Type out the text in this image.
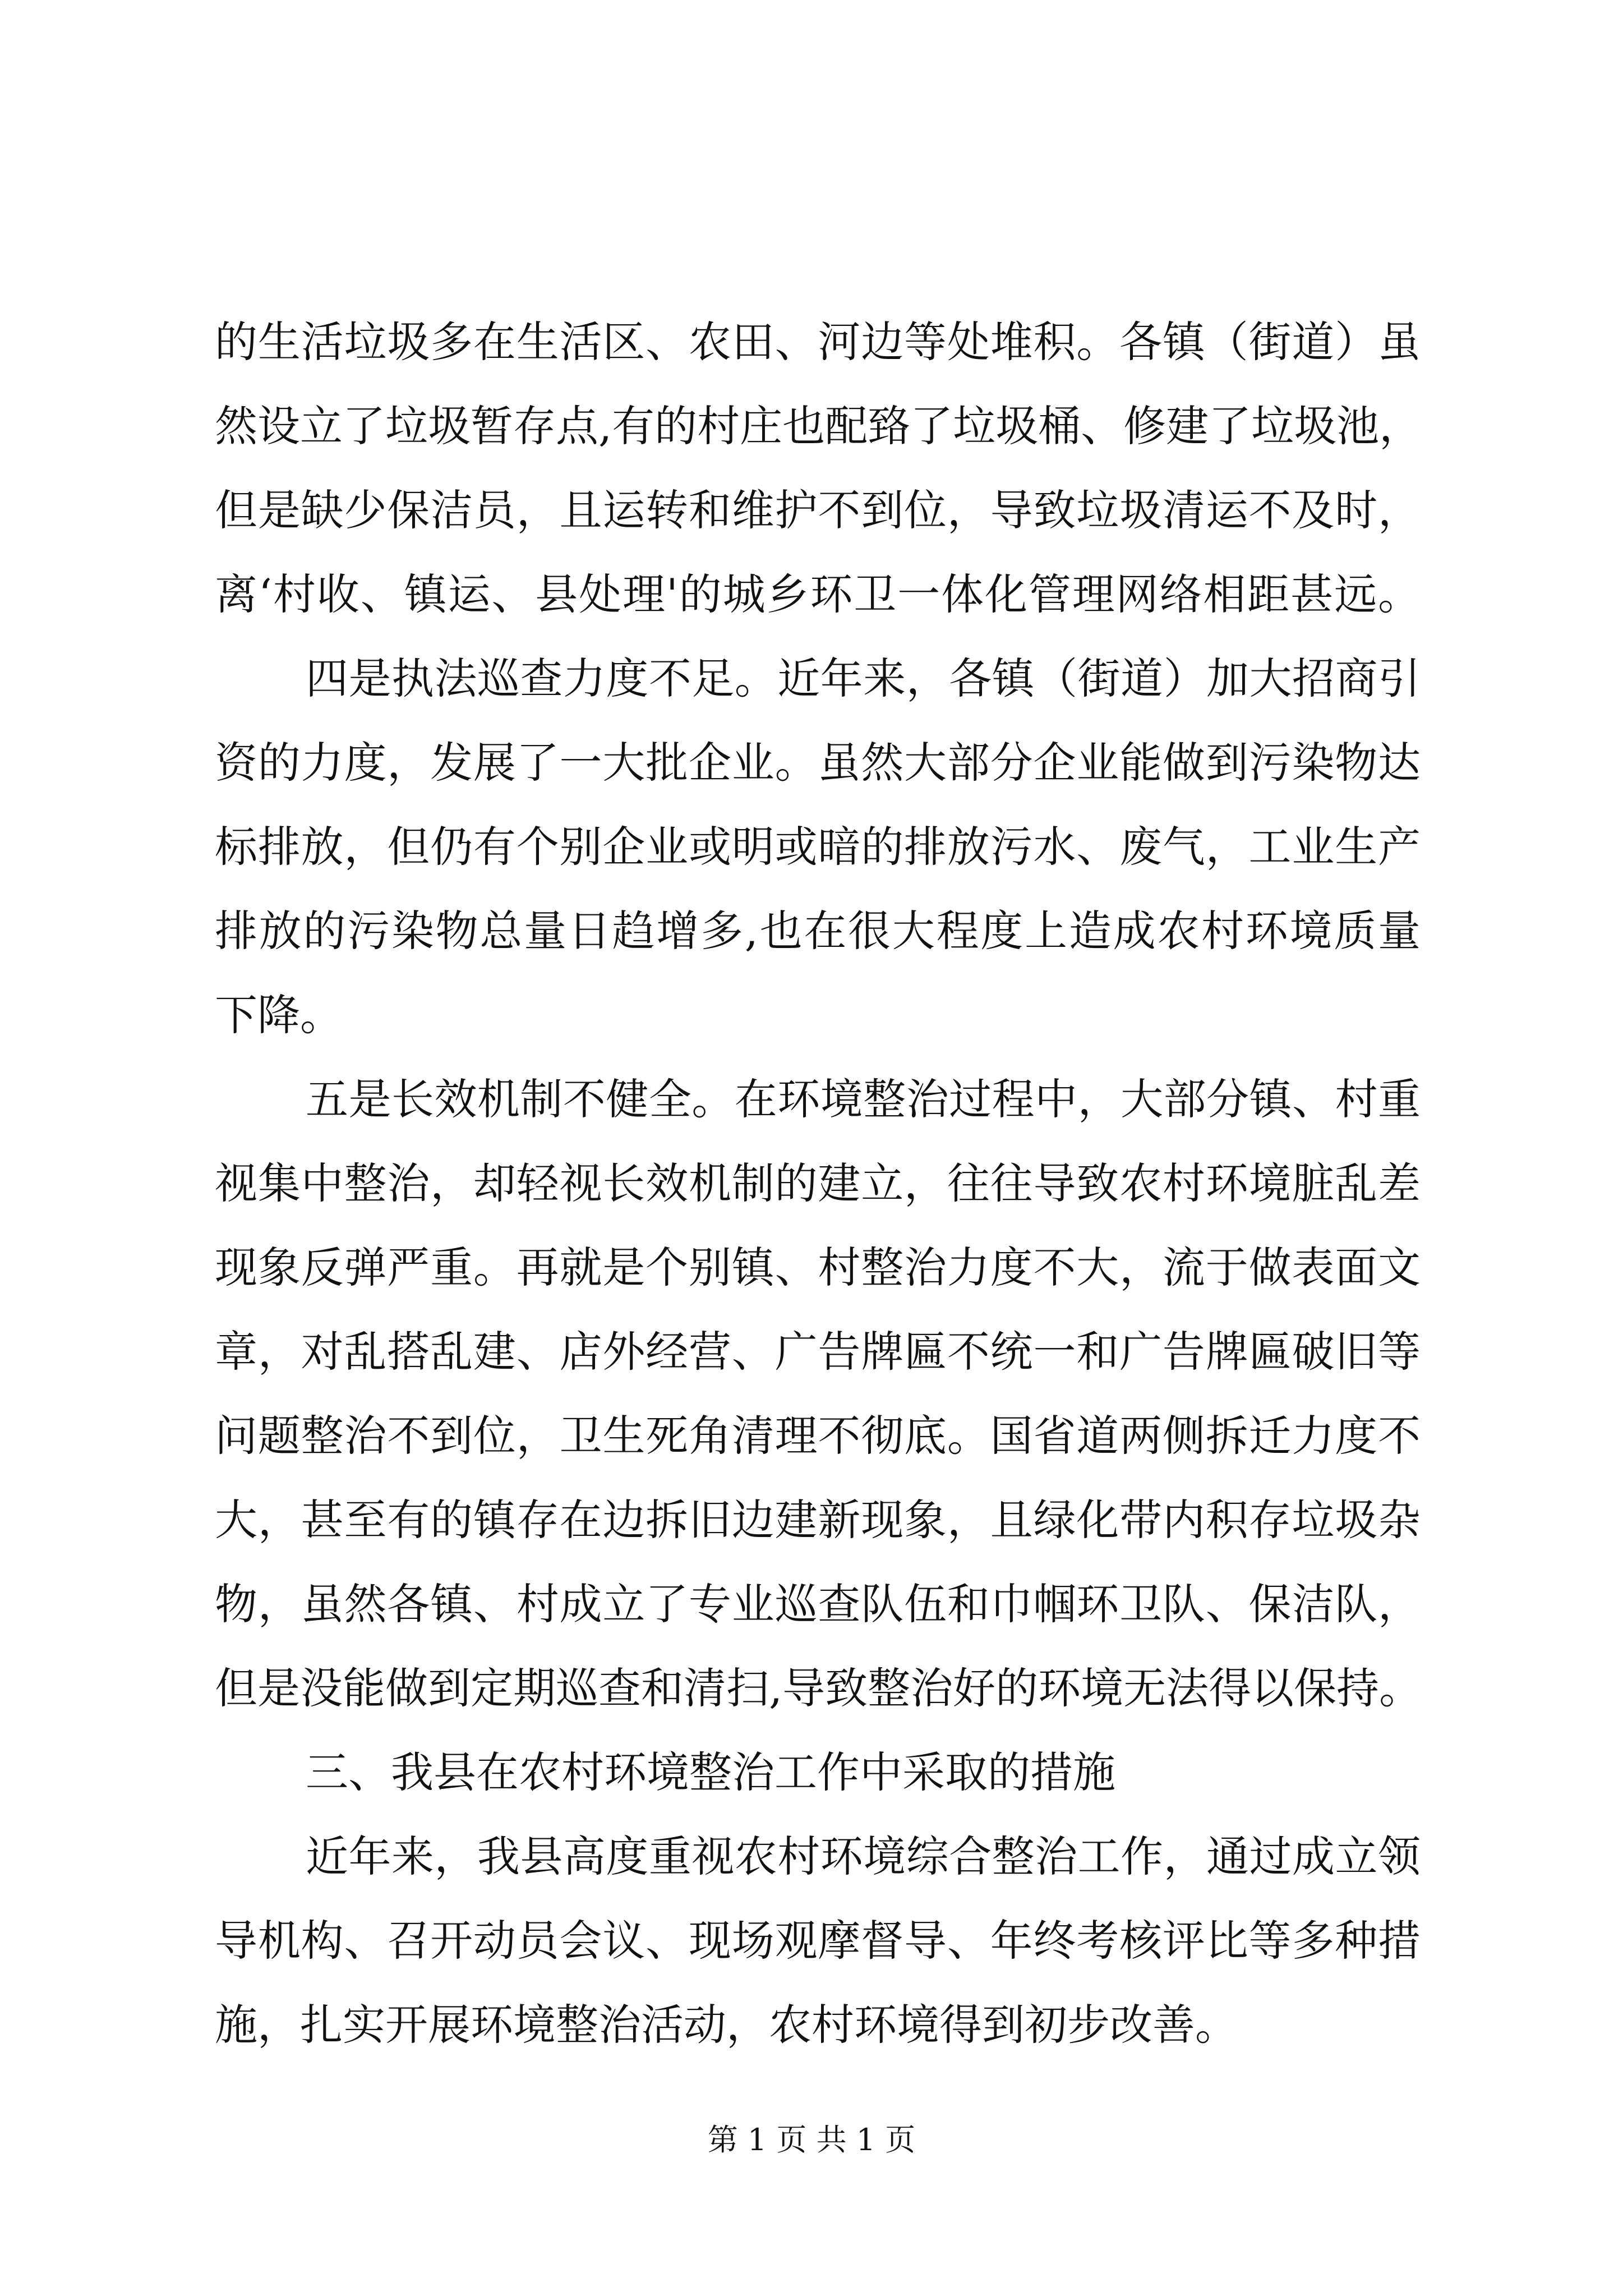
的生活垃圾多在生活区、农田、河边等处堆积。各镇（街道）虽
然设立了垃圾暂存点,有的村庄也配臵了垃圾桶、修建了垃圾池，
但是缺少保洁员，且运转和维护不到位，导致垃圾清运不及时，
离‘村收、镇运、县处理'的城乡环卫一体化管理网络相距甚远。
四是执法巡查力度不足。近年来，各镇（街道）加大招商引
资的力度，发展了一大批企业。虽然大部分企业能做到污染物达
标排放，但仍有个别企业或明或暗的排放污水、废气，工业生产
排放的污染物总量日趋增多,也在很大程度上造成农村环境质量
下降。
五是长效机制不健全。在环境整治过程中，大部分镇、村重
视集中整治，却轻视长效机制的建立，往往导致农村环境脏乱差
现象反弹严重。再就是个别镇、村整治力度不大，流于做表面文
章，对乱搭乱建、店外经营、广告牌匾不统一和广告牌匾破旧等
问题整治不到位，卫生死角清理不彻底。国省道两侧拆迁力度不
大，甚至有的镇存在边拆旧边建新现象，且绿化带内积存垃圾杂
物，虽然各镇、村成立了专业巡查队伍和巾帼环卫队、保洁队，
但是没能做到定期巡查和清扫,导致整治好的环境无法得以保持。
三、我县在农村环境整治工作中采取的措施
近年来，我县高度重视农村环境综合整治工作，通过成立领
导机构、召开动员会议、现场观摩督导、年终考核评比等多种措
施，扎实开展环境整治活动，农村环境得到初步改善。
第 1 页 共 1 页
